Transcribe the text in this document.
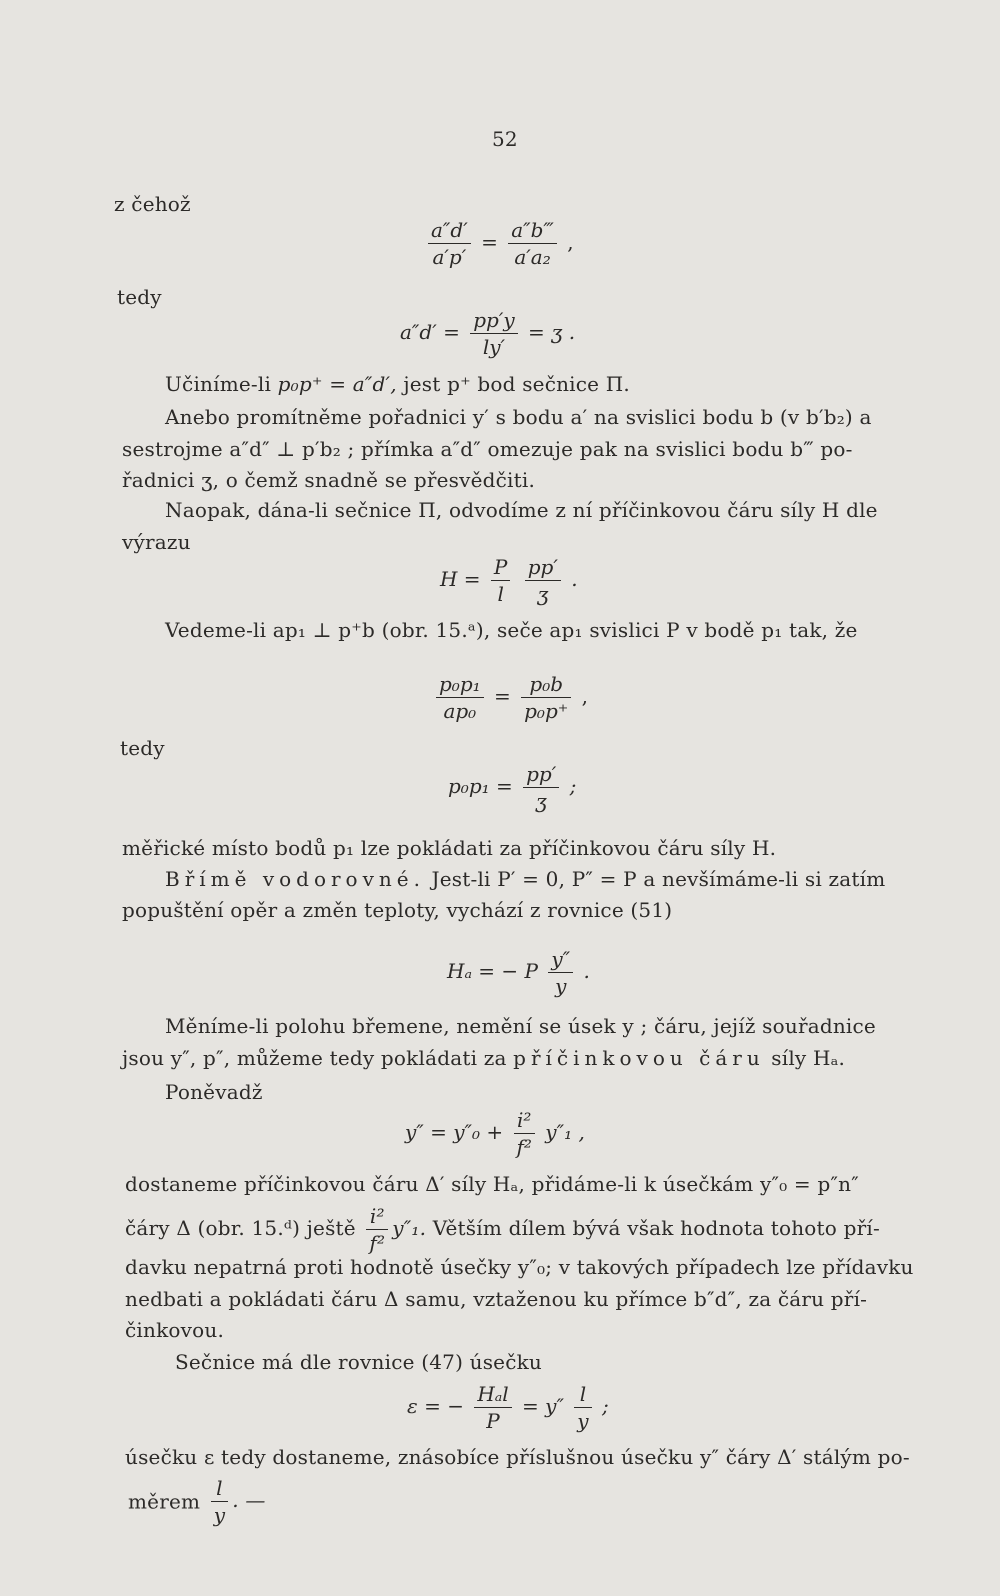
52
z čehož
$\frac{a''d'}{a'p'} = \frac{a''b‴}{\text{a′a₂}}$ ,
tedy
$a''d' = \frac{pp'y}{ly'}$ = ʒ .
Učiníme-li p₀p⁺ = a″d′, jest p⁺ bod sečnice Π.
Anebo promítněme pořadnici y′ s bodu a′ na svislici bodu b (v b′b₂) a
sestrojme a″d″ ⊥ p′b₂ ; přímka a″d″ omezuje pak na svislici bodu b‴ po-
řadnici ʒ, o čemž snadně se přesvědčiti.
Naopak, dána-li sečnice Π, odvodíme z ní příčinkovou čáru síly H dle
výrazu
$H = \frac{P}{l}$
$\frac{pp'}{\text{ʒ}}$ .
Vedeme-li ap₁ ⊥ p⁺b (obr. 15.ᵃ), seče ap₁ svislici P v bodě p₁ tak, že
$\frac{\text{p₀p₁}}{\text{ap₀}} = \frac{\text{p₀b}}{\text{p₀p⁺}}$ ,
tedy
$p_0p_1 = \frac{pp'}{\text{ʒ}}$ ;
měřické místo bodů p₁ lze pokládati za příčinkovou čáru síly H.
Břímě vodorovné. Jest-li P′ = 0, P″ = P a nevšímáme-li si zatím
popuštění opěr a změn teploty, vychází z rovnice (51)
Hₐ = − P $\frac{y''}{y}$ .
Měníme-li polohu břemene, nemění se úsek y ; čáru, jejíž souřadnice
jsou y″, p″, můžeme tedy pokládati za příčinkovou čáru síly Hₐ.
Poněvadž
$y'' = y''_0 + \frac{\text{i²}}{\text{f²}} y''_1$ ,
dostaneme příčinkovou čáru Δ′ síly Hₐ, přidáme-li k úsečkám y″₀ = p″n″
čáry Δ (obr. 15.ᵈ) ještě $\frac{\text{i²}}{\text{f²}} y''_1$. Větším dílem bývá však hodnota tohoto pří-
davku nepatrná proti hodnotě úsečky y″₀; v takových případech lze přídavku
nedbati a pokládati čáru Δ samu, vztaženou ku přímce b″d″, za čáru pří-
činkovou.
Sečnice má dle rovnice (47) úsečku
ɛ = − $\frac{\text{Hₐl}}{P} = y'' \frac{l}{y}$ ;
úsečku ɛ tedy dostaneme, znásobíce příslušnou úsečku y″ čáry Δ′ stálým po-
měrem $\frac{l}{y}$ . —
